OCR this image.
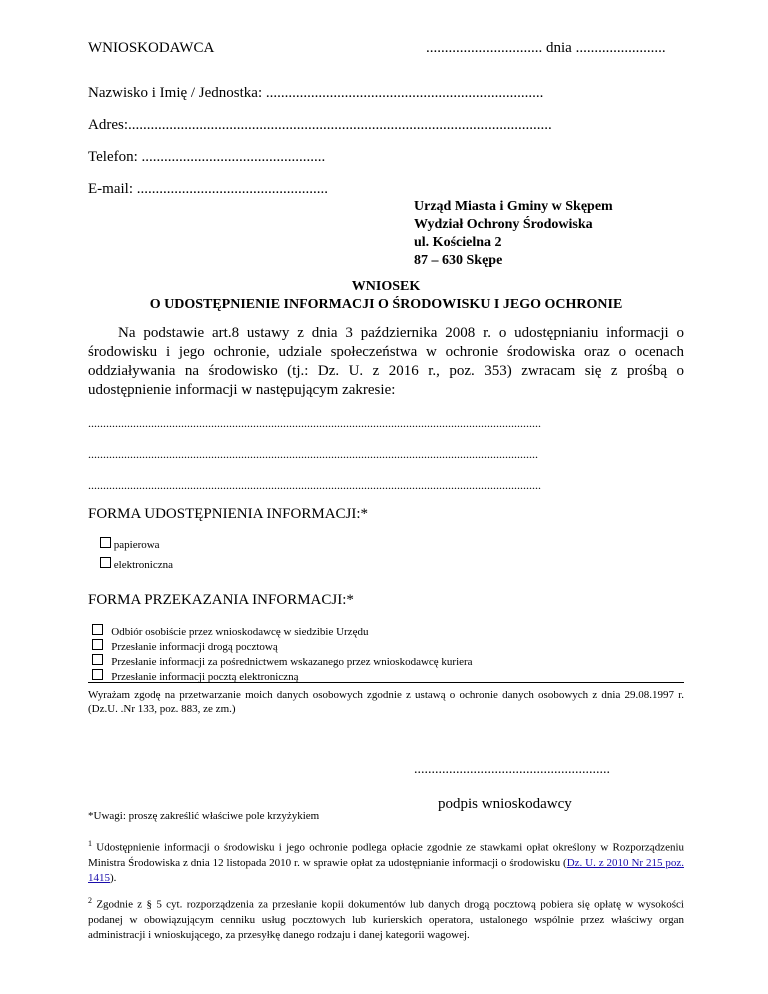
WNIOSKODAWCA	............................... dnia ........................
Nazwisko i Imię / Jednostka: ..........................................................................
Adres:.................................................................................................................
Telefon: .................................................
E-mail: ...................................................
Urząd Miasta i Gminy w Skępem
Wydział Ochrony Środowiska
ul. Kościelna 2
87 – 630 Skępe
WNIOSEK
O UDOSTĘPNIENIE INFORMACJI O ŚRODOWISKU I JEGO OCHRONIE
Na podstawie art.8 ustawy z dnia 3 października 2008 r. o udostępnianiu informacji o środowisku i jego ochronie, udziale społeczeństwa w ochronie środowiska oraz o ocenach oddziaływania na środowisko (tj.: Dz. U. z 2016 r., poz. 353) zwracam się z prośbą o udostępnienie informacji w następującym zakresie:
.......................................................................................................................................................
......................................................................................................................................................
.......................................................................................................................................................
FORMA UDOSTĘPNIENIA INFORMACJI:*
papierowa
elektroniczna
FORMA PRZEKAZANIA INFORMACJI:*
Odbiór osobiście przez wnioskodawcę w siedzibie Urzędu
Przesłanie informacji drogą pocztową
Przesłanie informacji za pośrednictwem wskazanego przez wnioskodawcę kuriera
Przesłanie informacji pocztą elektroniczną
Wyrażam zgodę na przetwarzanie moich danych osobowych zgodnie z ustawą o ochronie danych osobowych z dnia 29.08.1997 r. (Dz.U. .Nr 133, poz. 883, ze zm.)
........................................................
podpis wnioskodawcy
*Uwagi: proszę zakreślić właściwe pole krzyżykiem
$^1$ Udostępnienie informacji o środowisku i jego ochronie podlega opłacie zgodnie ze stawkami opłat określony w Rozporządzeniu Ministra Środowiska z dnia 12 listopada 2010 r. w sprawie opłat za udostępnianie informacji o środowisku (Dz. U. z 2010 Nr 215 poz. 1415).
$^2$ Zgodnie z § 5 cyt. rozporządzenia za przesłanie kopii dokumentów lub danych drogą pocztową pobiera się opłatę w wysokości podanej w obowiązującym cenniku usług pocztowych lub kurierskich operatora, ustalonego wspólnie przez właściwy organ administracji i wnioskującego, za przesyłkę danego rodzaju i danej kategorii wagowej.
